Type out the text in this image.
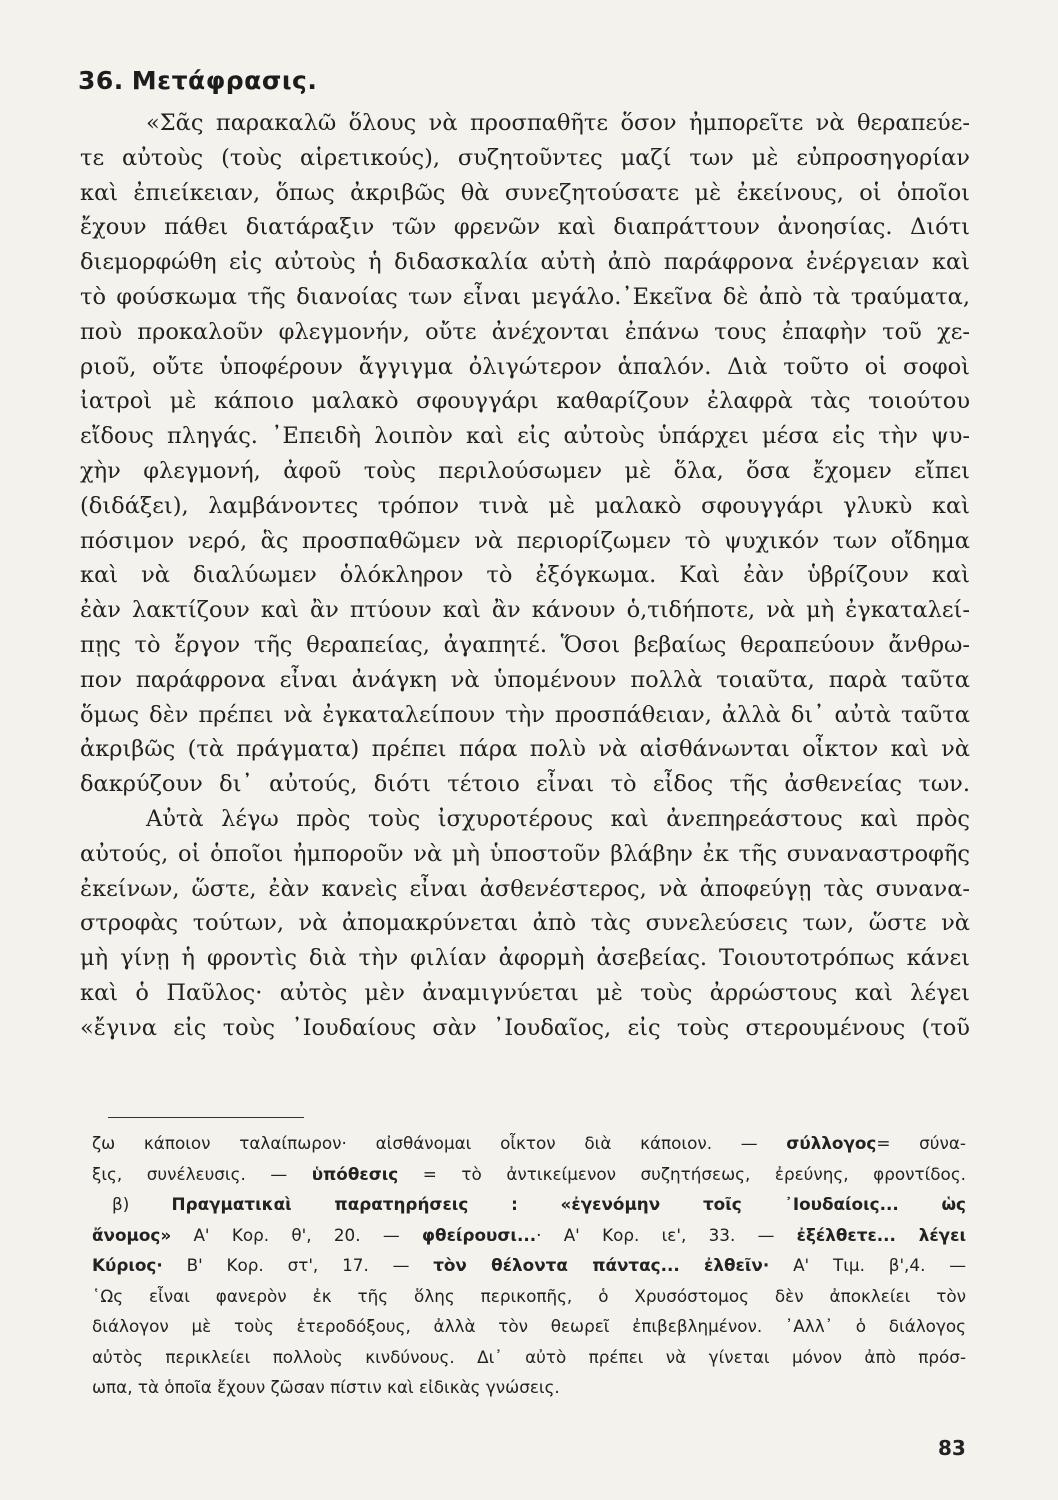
36. Μετάφρασις.
«Σᾶς παρακαλῶ ὅλους νὰ προσπαθῆτε ὅσον ἠμπορεῖτε νὰ θεραπεύε-
τε αὐτοὺς (τοὺς αἱρετικούς), συζητοῦντες μαζί των μὲ εὐπροσηγορίαν
καὶ ἐπιείκειαν, ὅπως ἀκριβῶς θὰ συνεζητούσατε μὲ ἐκείνους, οἱ ὁποῖοι
ἔχουν πάθει διατάραξιν τῶν φρενῶν καὶ διαπράττουν ἀνοησίας. Διότι
διεμορφώθη εἰς αὐτοὺς ἡ διδασκαλία αὐτὴ ἀπὸ παράφρονα ἐνέργειαν καὶ
τὸ φούσκωμα τῆς διανοίας των εἶναι μεγάλο.᾿Εκεῖνα δὲ ἀπὸ τὰ τραύματα,
ποὺ προκαλοῦν φλεγμονήν, οὔτε ἀνέχονται ἐπάνω τους ἐπαφὴν τοῦ χε-
ριοῦ, οὔτε ὑποφέρουν ἄγγιγμα ὀλιγώτερον ἁπαλόν. Διὰ τοῦτο οἱ σοφοὶ
ἰατροὶ μὲ κάποιο μαλακὸ σφουγγάρι καθαρίζουν ἐλαφρὰ τὰς τοιούτου
εἴδους πληγάς. ᾿Επειδὴ λοιπὸν καὶ εἰς αὐτοὺς ὑπάρχει μέσα εἰς τὴν ψυ-
χὴν φλεγμονή, ἀφοῦ τοὺς περιλούσωμεν μὲ ὅλα, ὅσα ἔχομεν εἴπει
(διδάξει), λαμβάνοντες τρόπον τινὰ μὲ μαλακὸ σφουγγάρι γλυκὺ καὶ
πόσιμον νερό, ἃς προσπαθῶμεν νὰ περιορίζωμεν τὸ ψυχικόν των οἴδημα
καὶ νὰ διαλύωμεν ὁλόκληρον τὸ ἐξόγκωμα. Καὶ ἐὰν ὑβρίζουν καὶ
ἐὰν λακτίζουν καὶ ἂν πτύουν καὶ ἂν κάνουν ὁ,τιδήποτε, νὰ μὴ ἐγκαταλεί-
πῃς τὸ ἔργον τῆς θεραπείας, ἀγαπητέ. Ὅσοι βεβαίως θεραπεύουν ἄνθρω-
πον παράφρονα εἶναι ἀνάγκη νὰ ὑπομένουν πολλὰ τοιαῦτα, παρὰ ταῦτα
ὅμως δὲν πρέπει νὰ ἐγκαταλείπουν τὴν προσπάθειαν, ἀλλὰ δι᾿ αὐτὰ ταῦτα
ἀκριβῶς (τὰ πράγματα) πρέπει πάρα πολὺ νὰ αἰσθάνωνται οἶκτον καὶ νὰ
δακρύζουν δι᾿ αὐτούς, διότι τέτοιο εἶναι τὸ εἶδος τῆς ἀσθενείας των.
Αὐτὰ λέγω πρὸς τοὺς ἰσχυροτέρους καὶ ἀνεπηρεάστους καὶ πρὸς
αὐτούς, οἱ ὁποῖοι ἠμποροῦν νὰ μὴ ὑποστοῦν βλάβην ἐκ τῆς συναναστροφῆς
ἐκείνων, ὥστε, ἐὰν κανεὶς εἶναι ἀσθενέστερος, νὰ ἀποφεύγῃ τὰς συνανα-
στροφὰς τούτων, νὰ ἀπομακρύνεται ἀπὸ τὰς συνελεύσεις των, ὥστε νὰ
μὴ γίνῃ ἡ φροντὶς διὰ τὴν φιλίαν ἀφορμὴ ἀσεβείας. Τοιουτοτρόπως κάνει
καὶ ὁ Παῦλος· αὐτὸς μὲν ἀναμιγνύεται μὲ τοὺς ἀρρώστους καὶ λέγει
«ἔγινα εἰς τοὺς ᾿Ιουδαίους σὰν ᾿Ιουδαῖος, εἰς τοὺς στερουμένους (τοῦ
ζω κάποιον ταλαίπωρον· αἰσθάνομαι οἶκτον διὰ κάποιον. — σύλλογος= σύνα-
ξις, συνέλευσις. — ὑπόθεσις = τὸ ἀντικείμενον συζητήσεως, ἐρεύνης, φροντίδος.
β) Πραγματικαὶ παρατηρήσεις : «ἐγενόμην τοῖς ᾿Ιουδαίοις... ὡς
ἄνομος» Α' Κορ. θ', 20. — φθείρουσι...· Α' Κορ. ιε', 33. — ἐξέλθετε... λέγει
Κύριος· Β' Κορ. στ', 17. — τὸν θέλοντα πάντας... ἐλθεῖν· Α' Τιμ. β',4. —
῾Ως εἶναι φανερὸν ἐκ τῆς ὅλης περικοπῆς, ὁ Χρυσόστομος δὲν ἀποκλείει τὸν
διάλογον μὲ τοὺς ἑτεροδόξους, ἀλλὰ τὸν θεωρεῖ ἐπιβεβλημένον. ᾿Αλλ᾿ ὁ διάλογος
αὐτὸς περικλείει πολλοὺς κινδύνους. Δι᾿ αὐτὸ πρέπει νὰ γίνεται μόνον ἀπὸ πρόσ-
ωπα, τὰ ὁποῖα ἔχουν ζῶσαν πίστιν καὶ εἰδικὰς γνώσεις.
83
